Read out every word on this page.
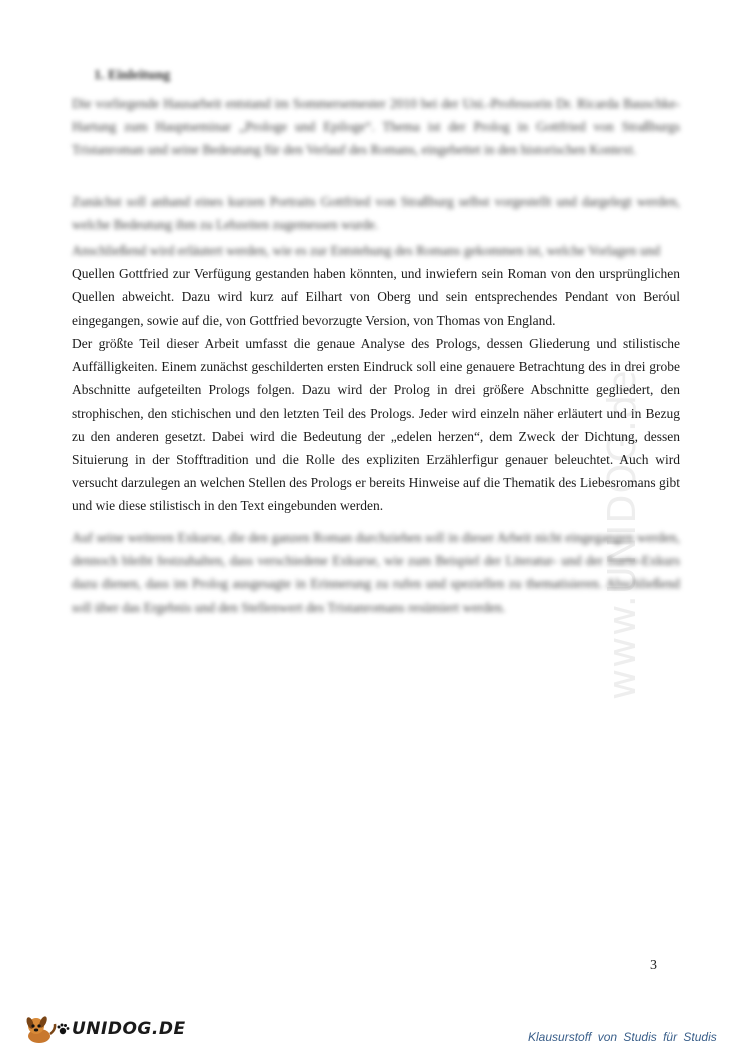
www.UNIDOG.de
1. Einleitung

Die vorliegende Hausarbeit entstand im Sommersemester 2010 bei der Uni.-Professorin Dr. Ricarda Bauschke-Hartung zum Hauptseminar „Prologe und Epiloge“. Thema ist der Prolog in Gottfried von Straßburgs Tristanroman und seine Bedeutung für den Verlauf des Romans, eingebettet in den historischen Kontext.

Zunächst soll anhand eines kurzen Portraits Gottfried von Straßburg selbst vorgestellt und dargelegt werden, welche Bedeutung ihm zu Lebzeiten zugemessen wurde.

Anschließend wird erläutert werden, wie es zur Entstehung des Romans gekommen ist, welche Vorlagen und
Quellen Gottfried zur Verfügung gestanden haben könnten, und inwiefern sein Roman von den ursprünglichen Quellen abweicht. Dazu wird kurz auf Eilhart von Oberg und sein entsprechendes Pendant von Beróul eingegangen, sowie auf die, von Gottfried bevorzugte Version, von Thomas von England.

Der größte Teil dieser Arbeit umfasst die genaue Analyse des Prologs, dessen Gliederung und stilistische Auffälligkeiten. Einem zunächst geschilderten ersten Eindruck soll eine genauere Betrachtung des in drei grobe Abschnitte aufgeteilten Prologs folgen. Dazu wird der Prolog in drei größere Abschnitte gegliedert, den strophischen, den stichischen und den letzten Teil des Prologs. Jeder wird einzeln näher erläutert und in Bezug zu den anderen gesetzt. Dabei wird die Bedeutung der „edelen herzen“, dem Zweck der Dichtung, dessen Situierung in der Stofftradition und die Rolle des expliziten Erzählerfigur genauer beleuchtet. Auch wird versucht darzulegen an welchen Stellen des Prologs er bereits Hinweise auf die Thematik des Liebesromans gibt und wie diese stilistisch in den Text eingebunden werden.

Auf seine weiteren Exkurse, die den ganzen Roman durchziehen soll in dieser Arbeit nicht eingegangen werden, dennoch bleibt festzuhalten, dass verschiedene Exkurse, wie zum Beispiel der Literatur- und der Isarte-Exkurs dazu dienen, dass im Prolog ausgesagte in Erinnerung zu rufen und speziellen zu thematisieren. Abschließend soll über das Ergebnis und den Stellenwert des Tristanromans resümiert werden.

3
UNIDOG.DE	Klausurstoff von Studis für Studis
